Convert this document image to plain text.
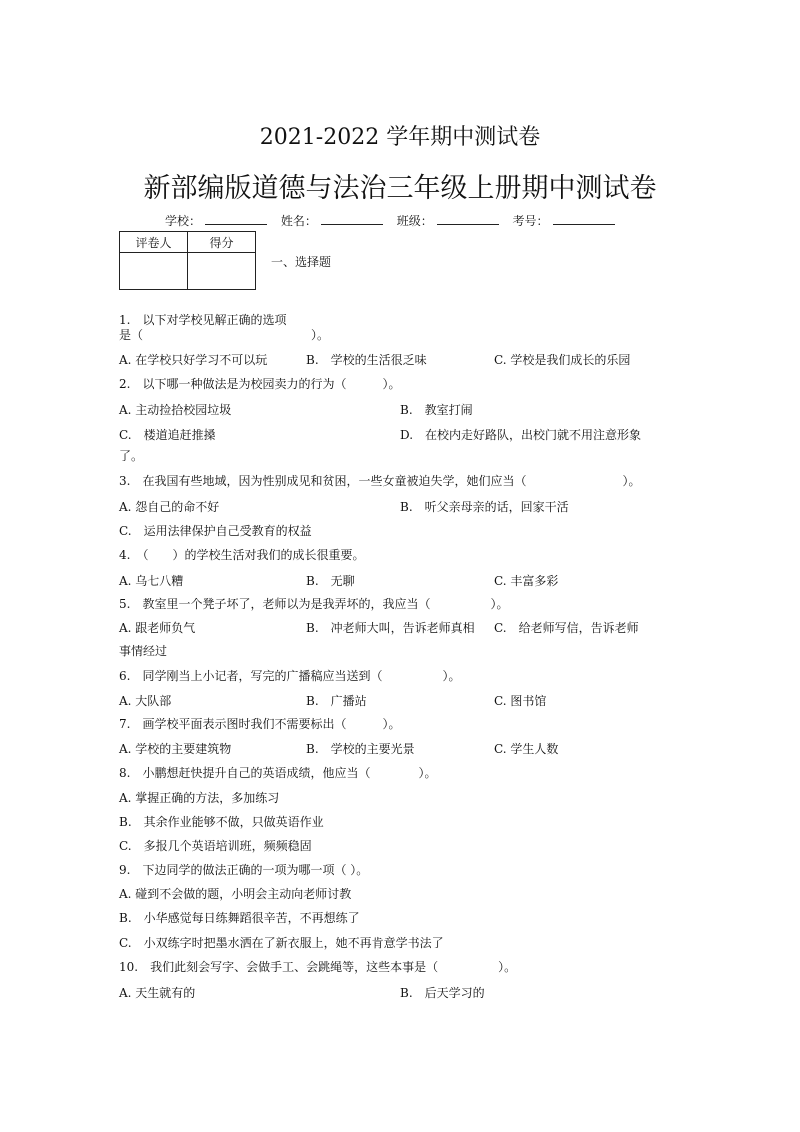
2021-2022 学年期中测试卷
新部编版道德与法治三年级上册期中测试卷
学校：	姓名：	班级：	考号：
评卷人	得分

一、选择题
1.　以下对学校见解正确的选项
是（　　　　　　　　　　　　　　）。
A. 在学校只好学习不可以玩	B.　学校的生活很乏味	C. 学校是我们成长的乐园
2.　以下哪一种做法是为校园卖力的行为（　　　）。
A. 主动捡拾校园垃圾	B.　教室打闹
C.　楼道追赶推搡	D.　在校内走好路队，出校门就不用注意形象
了。
3.　在我国有些地域，因为性别成见和贫困，一些女童被迫失学，她们应当（　　　　　　　　）。
A. 怨自己的命不好	B.　听父亲母亲的话，回家干活
C.　运用法律保护自己受教育的权益
4.　（　　）的学校生活对我们的成长很重要。
A. 乌七八糟	B.　无聊	C. 丰富多彩
5.　教室里一个凳子坏了，老师以为是我弄坏的，我应当（　　　　　）。
A. 跟老师负气	B.　冲老师大叫，告诉老师真相 C.　给老师写信，告诉老师
事情经过
6.　同学刚当上小记者，写完的广播稿应当送到（　　　　　）。
A. 大队部	B.　广播站	C. 图书馆
7.　画学校平面表示图时我们不需要标出（　　　）。
A. 学校的主要建筑物	B.　学校的主要光景	C. 学生人数
8.　小鹏想赶快提升自己的英语成绩，他应当（　　　　）。
A. 掌握正确的方法，多加练习
B.　其余作业能够不做，只做英语作业
C.　多报几个英语培训班，频频稳固
9.　下边同学的做法正确的一项为哪一项（ ）。
A. 碰到不会做的题，小明会主动向老师讨教
B.　小华感觉每日练舞蹈很辛苦，不再想练了
C.　小双练字时把墨水洒在了新衣服上，她不再肯意学书法了
10.　我们此刻会写字、会做手工、会跳绳等，这些本事是（　　　　　）。
A. 天生就有的	B.　后天学习的
